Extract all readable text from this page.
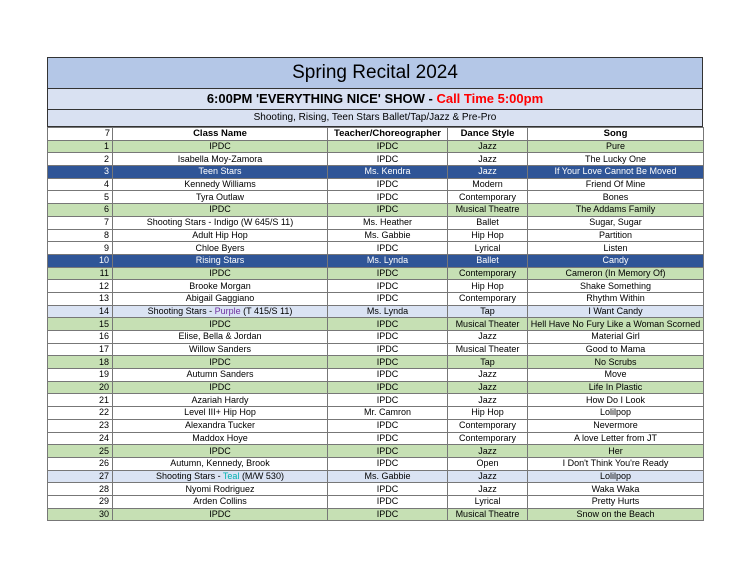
Spring Recital 2024
6:00PM 'EVERYTHING NICE' SHOW - Call Time 5:00pm
Shooting, Rising, Teen Stars Ballet/Tap/Jazz & Pre-Pro
7	Class Name	Teacher/Choreographer	Dance Style	Song
1	IPDC	IPDC	Jazz	Pure
2	Isabella Moy-Zamora	IPDC	Jazz	The Lucky One
3	Teen Stars	Ms. Kendra	Jazz	If Your Love Cannot Be Moved
4	Kennedy Williams	IPDC	Modern	Friend Of Mine
5	Tyra Outlaw	IPDC	Contemporary	Bones
6	IPDC	IPDC	Musical Theatre	The Addams Family
7	Shooting Stars - Indigo (W 645/S 11)	Ms. Heather	Ballet	Sugar, Sugar
8	Adult Hip Hop	Ms. Gabbie	Hip Hop	Partition
9	Chloe Byers	IPDC	Lyrical	Listen
10	Rising Stars	Ms. Lynda	Ballet	Candy
11	IPDC	IPDC	Contemporary	Cameron (In Memory Of)
12	Brooke Morgan	IPDC	Hip Hop	Shake Something
13	Abigail Gaggiano	IPDC	Contemporary	Rhythm Within
14	Shooting Stars - Purple (T 415/S 11)	Ms. Lynda	Tap	I Want Candy
15	IPDC	IPDC	Musical Theater	Hell Have No Fury Like a Woman Scorned
16	Elise, Bella & Jordan	IPDC	Jazz	Material Girl
17	Willow Sanders	IPDC	Musical Theater	Good to Mama
18	IPDC	IPDC	Tap	No Scrubs
19	Autumn Sanders	IPDC	Jazz	Move
20	IPDC	IPDC	Jazz	Life In Plastic
21	Azariah Hardy	IPDC	Jazz	How Do I Look
22	Level III+ Hip Hop	Mr. Camron	Hip Hop	Lolilpop
23	Alexandra Tucker	IPDC	Contemporary	Nevermore
24	Maddox Hoye	IPDC	Contemporary	A love Letter from JT
25	IPDC	IPDC	Jazz	Her
26	Autumn, Kennedy, Brook	IPDC	Open	I Don't Think You're Ready
27	Shooting Stars - Teal (M/W 530)	Ms. Gabbie	Jazz	Lolilpop
28	Nyomi Rodriguez	IPDC	Jazz	Waka Waka
29	Arden Collins	IPDC	Lyrical	Pretty Hurts
30	IPDC	IPDC	Musical Theatre	Snow on the Beach
